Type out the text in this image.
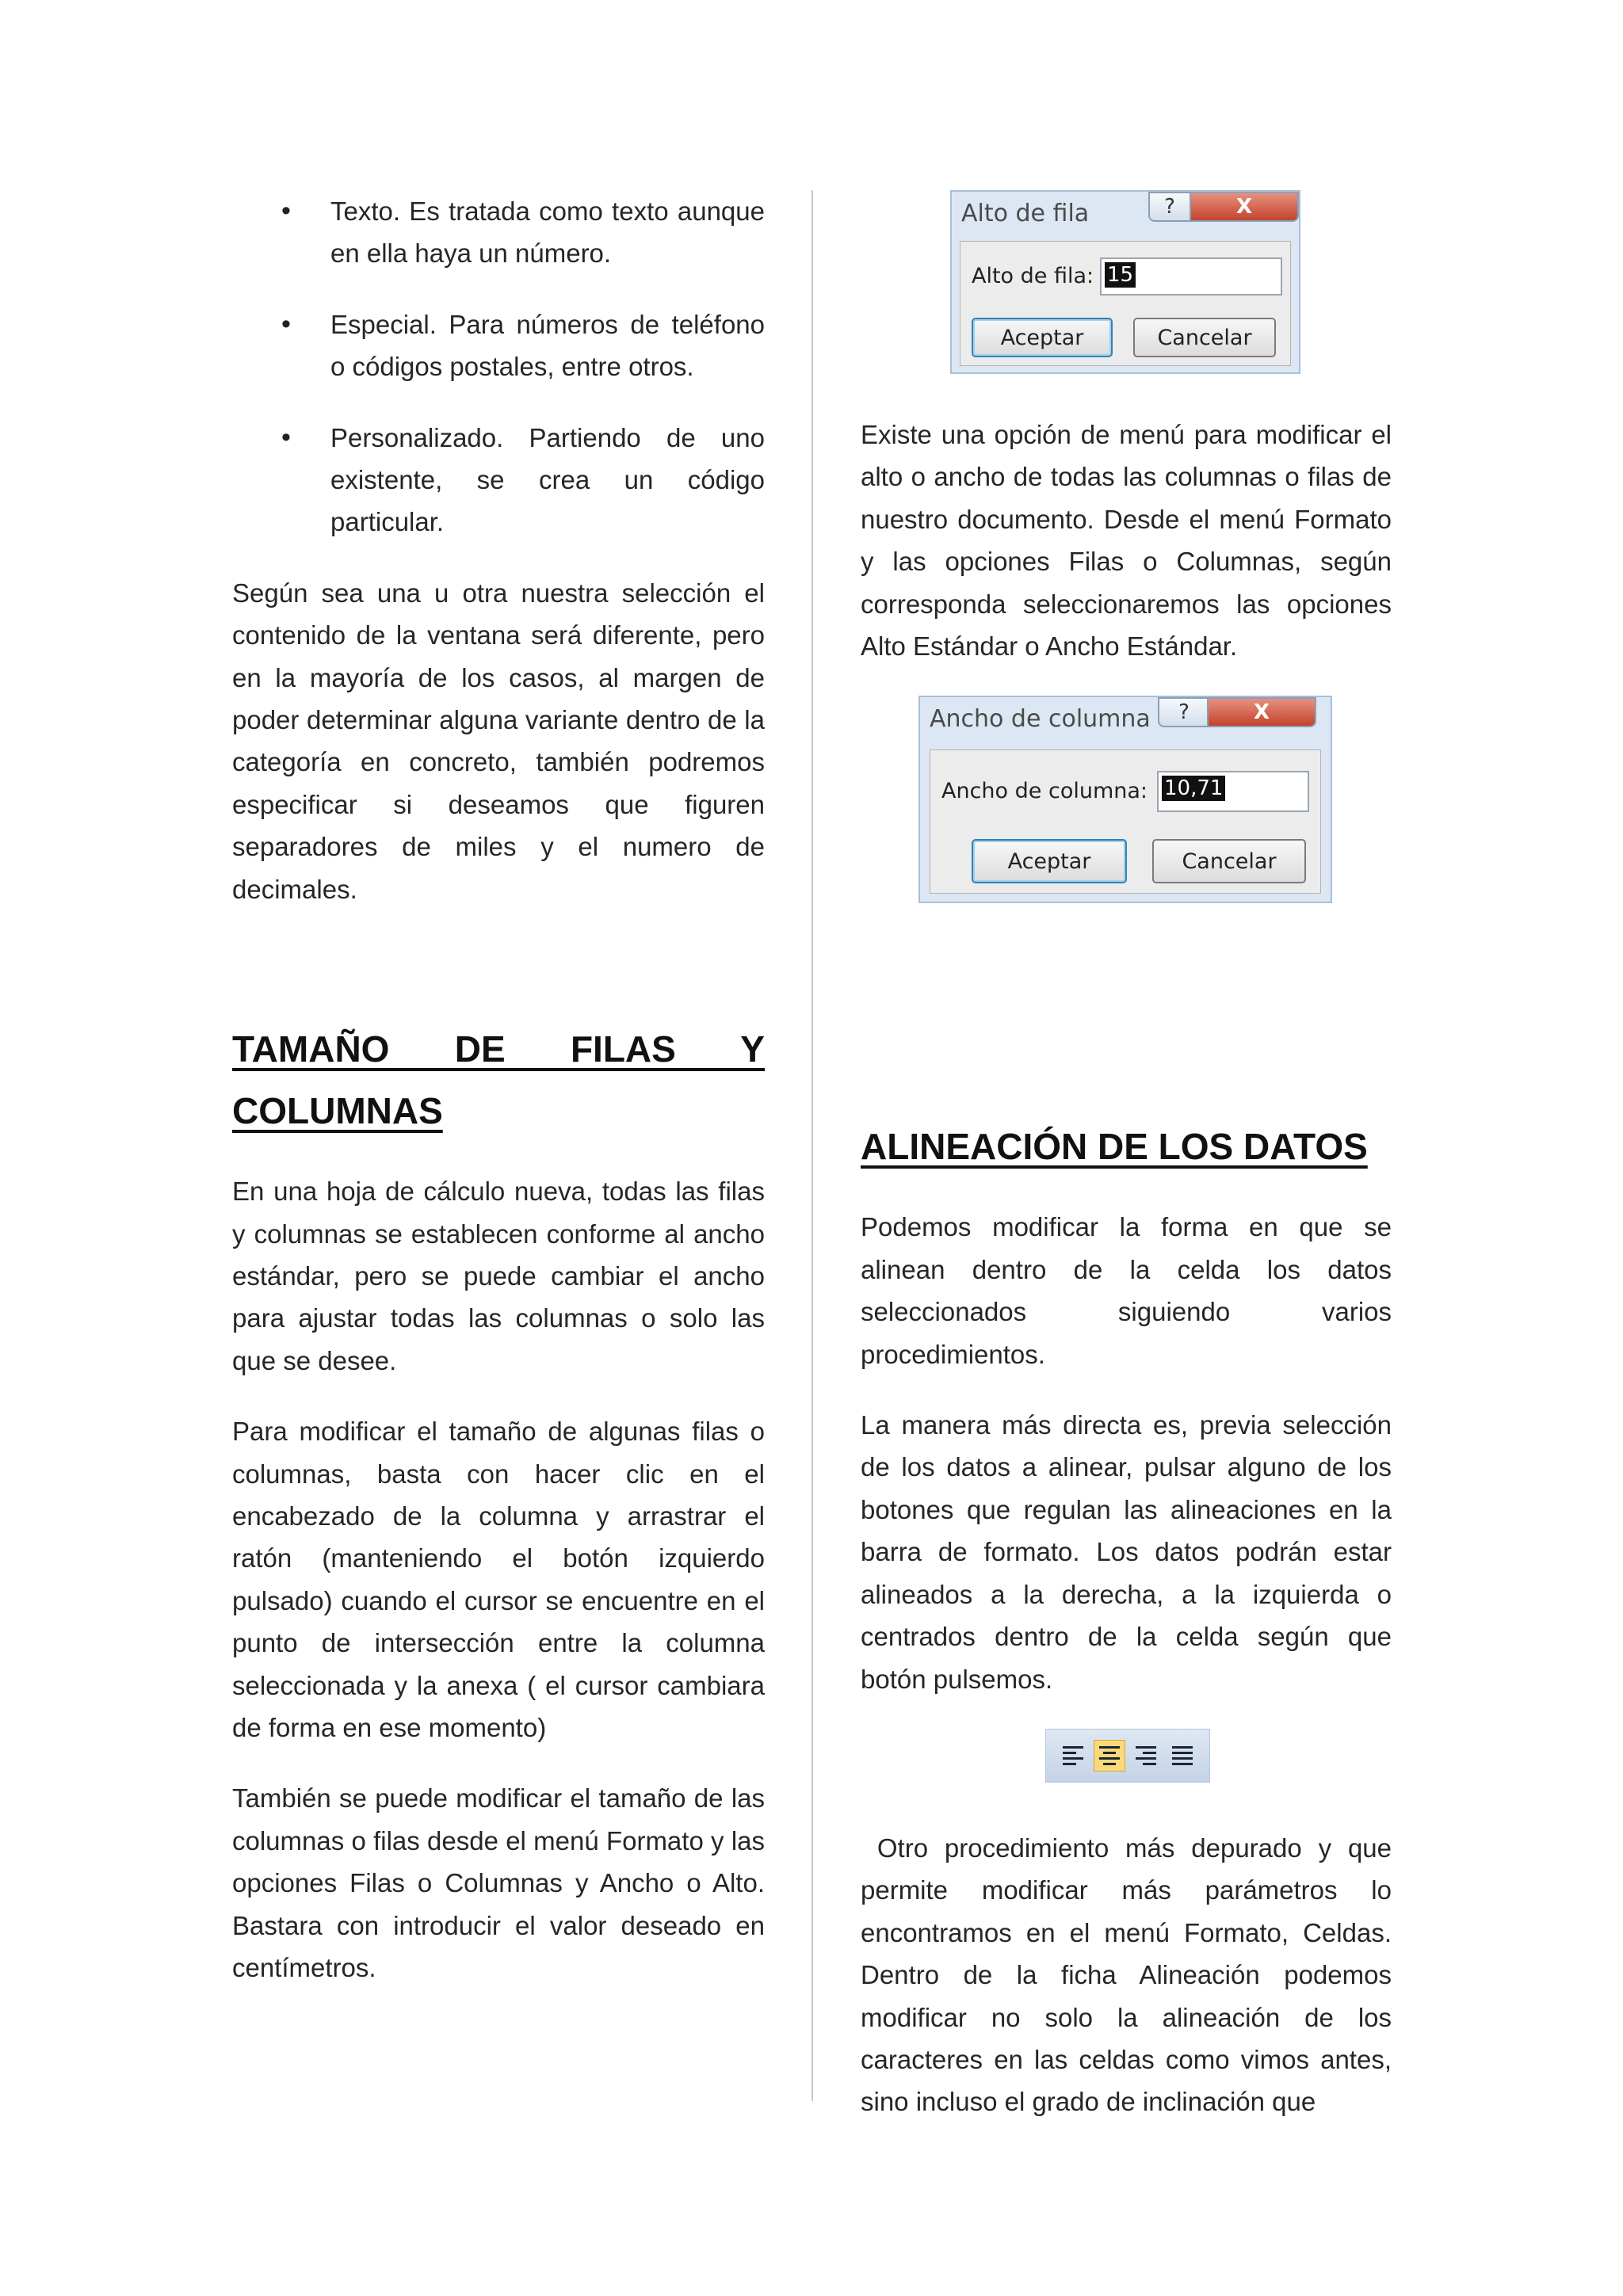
• Texto. Es tratada como texto aunque en ella haya un número.
• Especial. Para números de teléfono o códigos postales, entre otros.
• Personalizado. Partiendo de uno existente, se crea un código particular.

Según sea una u otra nuestra selección el contenido de la ventana será diferente, pero en la mayoría de los casos, al margen de poder determinar alguna variante dentro de la categoría en concreto, también podremos especificar si deseamos que figuren separadores de miles y el numero de decimales.

TAMAÑO DE FILAS Y COLUMNAS

En una hoja de cálculo nueva, todas las filas y columnas se establecen conforme al ancho estándar, pero se puede cambiar el ancho para ajustar todas las columnas o solo las que se desee.

Para modificar el tamaño de algunas filas o columnas, basta con hacer clic en el encabezado de la columna y arrastrar el ratón (manteniendo el botón izquierdo pulsado) cuando el cursor se encuentre en el punto de intersección entre la columna seleccionada y la anexa ( el cursor cambiara de forma en ese momento)

También se puede modificar el tamaño de las columnas o filas desde el menú Formato y las opciones Filas o Columnas y Ancho o Alto. Bastara con introducir el valor deseado en centímetros.

Alto de fila	?	X
Alto de fila: 15
Aceptar	Cancelar

Existe una opción de menú para modificar el alto o ancho de todas las columnas o filas de nuestro documento. Desde el menú Formato y las opciones Filas o Columnas, según corresponda seleccionaremos las opciones Alto Estándar o Ancho Estándar.

Ancho de columna ?	X
Ancho de columna: 10,71
Aceptar	Cancelar
ALINEACIÓN DE LOS DATOS

Podemos modificar la forma en que se alinean dentro de la celda los datos seleccionados siguiendo varios procedimientos.

La manera más directa es, previa selección de los datos a alinear, pulsar alguno de los botones que regulan las alineaciones en la barra de formato. Los datos podrán estar alineados a la derecha, a la izquierda o centrados dentro de la celda según que botón pulsemos.

Otro procedimiento más depurado y que permite modificar más parámetros lo encontramos en el menú Formato, Celdas. Dentro de la ficha Alineación podemos modificar no solo la alineación de los caracteres en las celdas como vimos antes, sino incluso el grado de inclinación que
